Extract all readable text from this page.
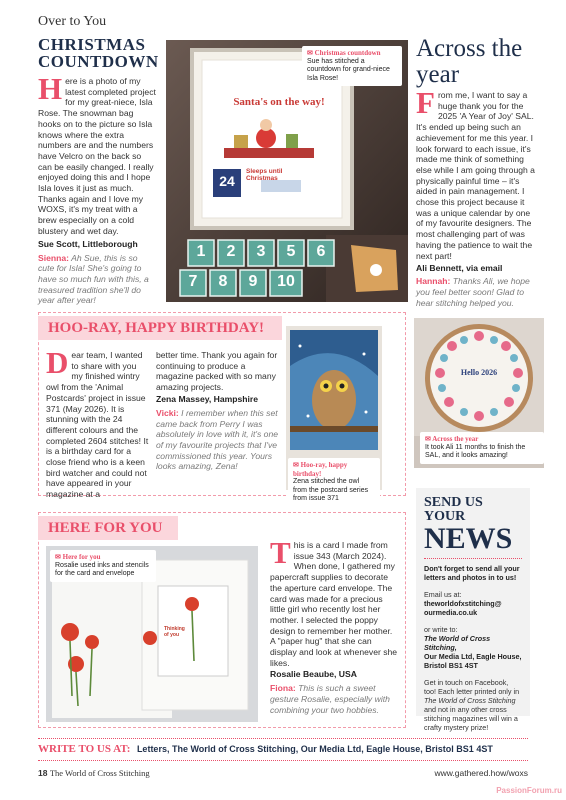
Over to You
CHRISTMAS COUNTDOWN
Here is a photo of my latest completed project for my great-niece, Isla Rose. The snowman bag hooks on to the picture so Isla knows where the extra numbers are and the numbers have Velcro on the back so can be easily changed. I really enjoyed doing this and I hope Isla loves it just as much. Thanks again and I love my WOXS, it's my treat with a brew especially on a cold blustery and wet day.
Sue Scott, Littleborough
Sienna: Ah Sue, this is so cute for Isla! She's going to have so much fun with this, a treasured tradition she'll do year after year!
Santa's on the way!
24
Sleeps until Christmas
1	2	3	5	6
7	8	9	10
✉ Christmas countdown
Sue has stitched a countdown for grand-niece Isla Rose!
Across the year
From me, I want to say a huge thank you for the 2025 'A Year of Joy' SAL. It's ended up being such an achievement for me this year. I look forward to each issue, it's made me think of something else while I am going through a physically painful time – it's aided in pain management. I chose this project because it was a unique calendar by one of my favourite designers. The most challenging part of was having the patience to wait the next part!
Ali Bennett, via email
Hannah: Thanks Ali, we hope you feel better soon! Glad to hear stitching helped you.
Hello 2026
✉ Across the year
It took Ali 11 months to finish the SAL, and it looks amazing!
HOO-RAY, HAPPY BIRTHDAY!
Dear team, I wanted to share with you my finished wintry owl from the 'Animal Postcards' project in issue 371 (May 2026). It is stunning with the 24 different colours and the completed 2604 stitches! It is a birthday card for a close friend who is a keen bird watcher and could not have appeared in your magazine at a
better time. Thank you again for continuing to produce a magazine packed with so many amazing projects.
Zena Massey, Hampshire
Vicki: I remember when this set came back from Perry I was absolutely in love with it, it's one of my favourite projects that I've commissioned this year. Yours looks amazing, Zena!	✉ Hoo-ray, happy birthday!
Zena stitched the owl from the postcard series from issue 371
HERE FOR YOU
Thinking of you
✉ Here for you
Rosalie used inks and stencils for the card and envelope
This is a card I made from issue 343 (March 2024). When done, I gathered my papercraft supplies to decorate the aperture card envelope. The card was made for a precious little girl who recently lost her mother. I selected the poppy design to remember her mother. A "paper hug" that she can display and look at whenever she likes.
Rosalie Beaube, USA
Fiona: This is such a sweet gesture Rosalie, especially with combining your two hobbies.
SEND US YOUR
NEWS
Don't forget to send all your letters and photos in to us!
Email us at:
theworldofxstitching@ ourmedia.co.uk
or write to:
The World of Cross Stitching,
Our Media Ltd, Eagle House, Bristol BS1 4ST
Get in touch on Facebook, too! Each letter printed only in The World of Cross Stitching and not in any other cross stitching magazines will win a crafty mystery prize!
WRITE TO US AT: Letters, The World of Cross Stitching, Our Media Ltd, Eagle House, Bristol BS1 4ST
18 The World of Cross Stitching	www.gathered.how/woxs
PassionForum.ru
